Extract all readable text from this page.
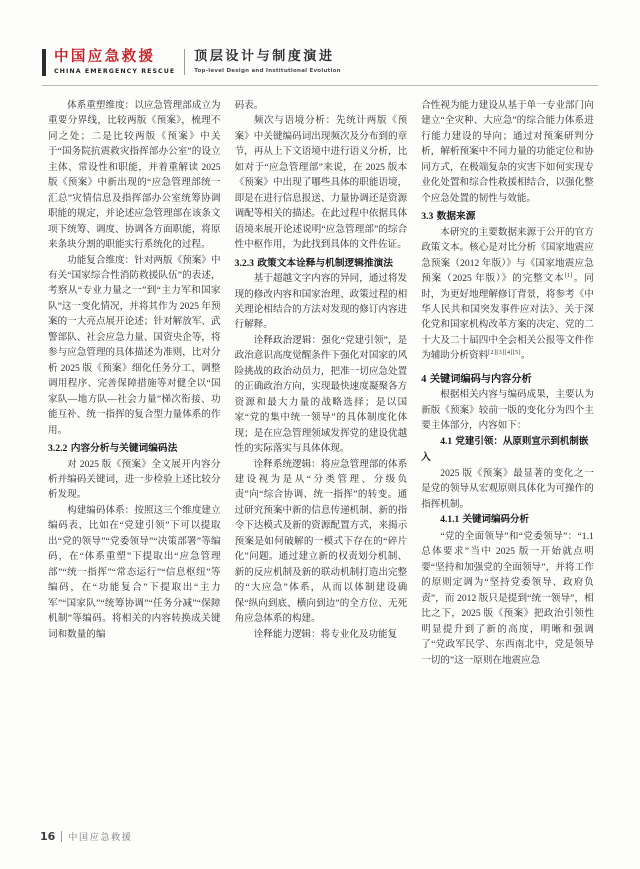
中国应急救援
CHINA EMERGENCY RESCUE
顶层设计与制度演进
Top-level Design and Institutional Evolution

体系重塑维度：以应急管理部成立为重要分界线，比较两版《预案》，梳理不同之处；二是比较两版《预案》中关于“国务院抗震救灾指挥部办公室”的设立主体、常设性和职能，并着重解读 2025 版《预案》中新出现的“应急管理部统一汇总”灾情信息及指挥部办公室统筹协调职能的规定，并论述应急管理部在该条文项下统筹、调度、协调各方面职能，将原来条块分割的职能实行系统化的过程。

功能复合维度：针对两版《预案》中有关“国家综合性消防救援队伍”的表述，考察从“专业力量之一”到“主力军和国家队”这一变化情况，并将其作为 2025 年预案的一大亮点展开论述；针对解放军、武警部队、社会应急力量、国资央企等，将参与应急管理的具体描述为准则，比对分析 2025 版《预案》细化任务分工、调整调用程序、完善保障措施等对健全以“国家队—地方队—社会力量”梯次衔接、功能互补、统一指挥的复合型力量体系的作用。

3.2.2 内容分析与关键词编码法

对 2025 版《预案》全文展开内容分析并编码关键词，进一步检验上述比较分析发现。

构建编码体系：按照这三个维度建立编码表，比如在“党建引领”下可以提取出“党的领导”“党委领导”“决策部署”等编码，在“体系重塑”下提取出“应急管理部”“统一指挥”“常态运行”“信息枢纽”等编码，在“功能复合”下提取出“主力军”“国家队”“统筹协调”“任务分减”“保障机制”等编码。将相关的内容转换成关键词和数量的编

码表。

频次与语境分析：先统计两版《预案》中关键编码词出现频次及分布到的章节，再从上下文语境中进行语义分析，比如对于“应急管理部”来说，在 2025 版本《预案》中出现了哪些具体的职能语境，即是在进行信息报送、力量协调还是资源调配等相关的描述。在此过程中依据具体语境来展开论述说明“应急管理部”的综合性中枢作用，为此找到具体的文件佐证。

3.2.3 政策文本诠释与机制逻辑推演法

基于超越文字内容的异同，通过将发现的修改内容和国家治理、政策过程的相关理论相结合的方法对发现的修订内容进行解释。

诠释政治逻辑：强化“党建引领”，是政治意识高度觉醒条件下强化对国家的风险挑战的政治动员力，把准一切应急处置的正确政治方向，实现最快速度凝聚各方资源和最大力量的战略选择；是以国家“党的集中统一领导”的具体制度化体现；是在应急管理领域发挥党的建设优越性的实际落实与具体体现。

诠释系统逻辑：将应急管理部的体系建设视为是从“分类管理、分级负责”向“综合协调、统一指挥”的转变。通过研究预案中新的信息传递机制、新的指令下达模式及新的资源配置方式，来揭示预案是如何破解的一模式下存在的“碎片化”问题。通过建立新的权责划分机制、新的反应机制及新的联动机制打造出完整的“大应急”体系，从而以体制建设确保“纵向到底、横向到边”的全方位、无死角应急体系的构建。

诠释能力逻辑：将专业化及功能复

合性视为能力建设从基于单一专业部门向建立“全灾种、大应急”的综合能力体系进行能力建设的导向；通过对预案研判分析，解析预案中不同力量的功能定位和协同方式，在极端复杂的灾害下如何实现专业化处置和综合性救援相结合，以强化整个应急处置的韧性与效能。

3.3 数据来源

本研究的主要数据来源于公开的官方政策文本。核心是对比分析《国家地震应急预案（2012 年版）》与《国家地震应急预案（2025 年版）》的完整文本[1]。同时，为更好地理解修订背景，将参考《中华人民共和国突发事件应对法》、关于深化党和国家机构改革方案的决定、党的二十大及二十届四中全会相关公报等文件作为辅助分析资料[2][3][4][5]。

4 关键词编码与内容分析

根据相关内容与编码成果，主要认为新版《预案》较前一版的变化分为四个主要主体部分，内容如下：

4.1 党建引领：从原则宣示到机制嵌入

2025 版《预案》最显著的变化之一是党的领导从宏观原则具体化为可操作的指挥机制。

4.1.1 关键词编码分析

“党的全面领导”和“党委领导”：“1.1 总体要求”当中 2025 版一开始就点明要“坚持和加强党的全面领导”，并将工作的原则定调为“坚持党委领导、政府负责”，而 2012 版只是提到“统一领导”，相比之下，2025 版《预案》把政治引领性明显提升到了新的高度，明晰和强调了“党政军民学、东西南北中，党是领导一切的”这一原则在地震应急

16 中国应急救援
